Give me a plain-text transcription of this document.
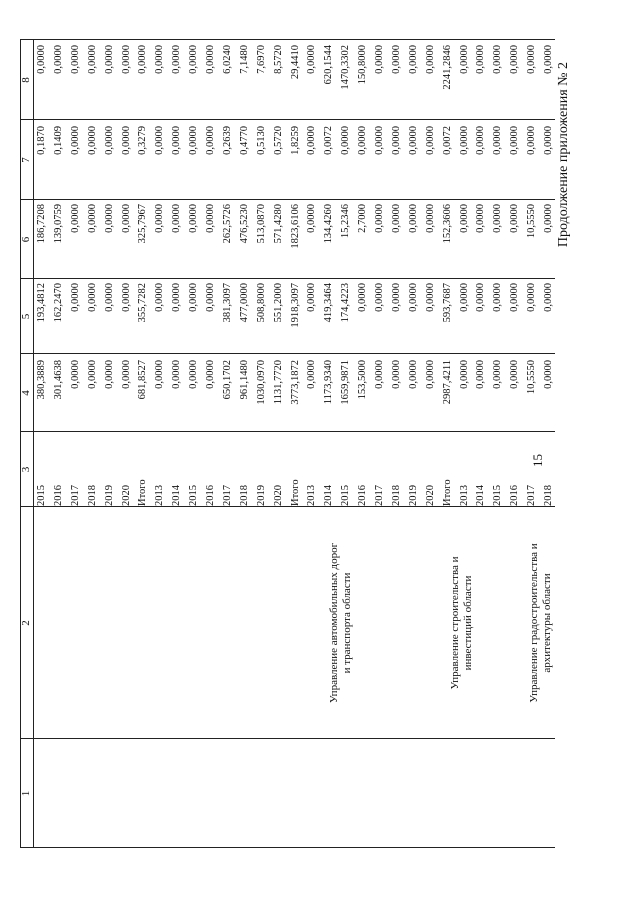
15
Продолжение приложения № 2
1
2
3
4
5
6
7
8
Управление автомобильных дорог и транспорта области	Управление строительства и инвестиций области	Управление градостроительства и архитектуры области
2015
380,3889
193,4812
186,7208
0,1870
0,0000
2016
301,4638
162,2470
139,0759
0,1409
0,0000
2017
0,0000
0,0000
0,0000
0,0000
0,0000
2018
0,0000
0,0000
0,0000
0,0000
0,0000
2019
0,0000
0,0000
0,0000
0,0000
0,0000
2020
0,0000
0,0000
0,0000
0,0000
0,0000
Итого
681,8527
355,7282
325,7967
0,3279
0,0000
2013
0,0000
0,0000
0,0000
0,0000
0,0000
2014
0,0000
0,0000
0,0000
0,0000
0,0000
2015
0,0000
0,0000
0,0000
0,0000
0,0000
2016
0,0000
0,0000
0,0000
0,0000
0,0000
2017
650,1702
381,3097
262,5726
0,2639
6,0240
2018
961,1480
477,0000
476,5230
0,4770
7,1480
2019
1030,0970
508,8000
513,0870
0,5130
7,6970
2020
1131,7720
551,2000
571,4280
0,5720
8,5720
Итого
3773,1872
1918,3097
1823,6106
1,8259
29,4410
2013
0,0000
0,0000
0,0000
0,0000
0,0000
2014
1173,9340
419,3464
134,4260
0,0072
620,1544
2015
1659,9871
174,4223
15,2346
0,0000
1470,3302
2016
153,5000
0,0000
2,7000
0,0000
150,8000
2017
0,0000
0,0000
0,0000
0,0000
0,0000
2018
0,0000
0,0000
0,0000
0,0000
0,0000
2019
0,0000
0,0000
0,0000
0,0000
0,0000
2020
0,0000
0,0000
0,0000
0,0000
0,0000
Итого
2987,4211
593,7687
152,3606
0,0072
2241,2846
2013
0,0000
0,0000
0,0000
0,0000
0,0000
2014
0,0000
0,0000
0,0000
0,0000
0,0000
2015
0,0000
0,0000
0,0000
0,0000
0,0000
2016
0,0000
0,0000
0,0000
0,0000
0,0000
2017
10,5550
0,0000
10,5550
0,0000
0,0000
2018
0,0000
0,0000
0,0000
0,0000
0,0000
